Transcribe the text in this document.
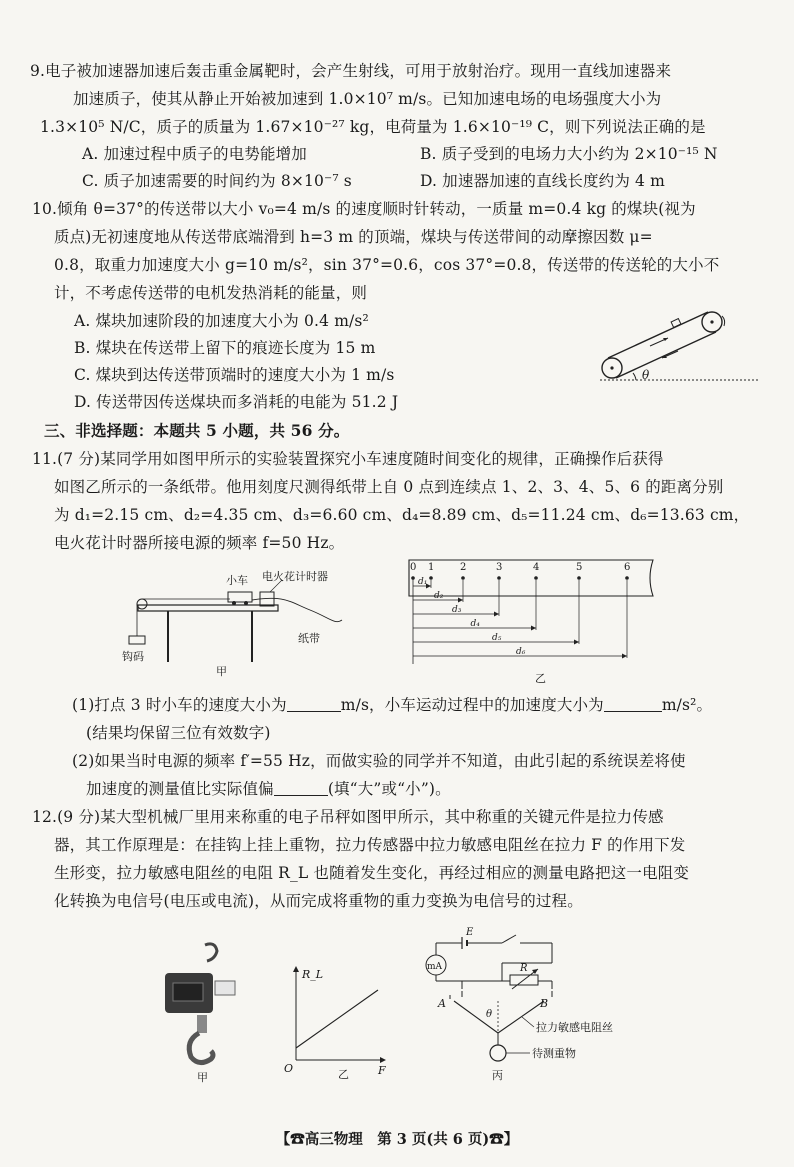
9.电子被加速器加速后轰击重金属靶时，会产生射线，可用于放射治疗。现用一直线加速器来
加速质子，使其从静止开始被加速到 1.0×10⁷ m/s。已知加速电场的电场强度大小为
1.3×10⁵ N/C，质子的质量为 1.67×10⁻²⁷ kg，电荷量为 1.6×10⁻¹⁹ C，则下列说法正确的是
A. 加速过程中质子的电势能增加	B. 质子受到的电场力大小约为 2×10⁻¹⁵ N
C. 质子加速需要的时间约为 8×10⁻⁷ s	D. 加速器加速的直线长度约为 4 m
10.倾角 θ=37°的传送带以大小 v₀=4 m/s 的速度顺时针转动，一质量 m=0.4 kg 的煤块(视为
质点)无初速度地从传送带底端滑到 h=3 m 的顶端，煤块与传送带间的动摩擦因数 μ=
0.8，取重力加速度大小 g=10 m/s²，sin 37°=0.6，cos 37°=0.8，传送带的传送轮的大小不
计，不考虑传送带的电机发热消耗的能量，则
A. 煤块加速阶段的加速度大小为 0.4 m/s²
B. 煤块在传送带上留下的痕迹长度为 15 m
C. 煤块到达传送带顶端时的速度大小为 1 m/s
D. 传送带因传送煤块而多消耗的电能为 51.2 J
θ
三、非选择题：本题共 5 小题，共 56 分。
11.(7 分)某同学用如图甲所示的实验装置探究小车速度随时间变化的规律，正确操作后获得
如图乙所示的一条纸带。他用刻度尺测得纸带上自 0 点到连续点 1、2、3、4、5、6 的距离分别
为 d₁=2.15 cm、d₂=4.35 cm、d₃=6.60 cm、d₄=8.89 cm、d₅=11.24 cm、d₆=13.63 cm，
电火花计时器所接电源的频率 f=50 Hz。
小车 电火花计时器
纸带
钩码
甲
0 1	2	3	4	5	6
d₁
d₂
d₃
d₄
d₅
d₆
乙
(1)打点 3 时小车的速度大小为	m/s，小车运动过程中的加速度大小为	m/s²。
(结果均保留三位有效数字)
(2)如果当时电源的频率 f′=55 Hz，而做实验的同学并不知道，由此引起的系统误差将使
加速度的测量值比实际值偏	(填“大”或“小”)。
12.(9 分)某大型机械厂里用来称重的电子吊秤如图甲所示，其中称重的关键元件是拉力传感
器，其工作原理是：在挂钩上挂上重物，拉力传感器中拉力敏感电阻丝在拉力 F 的作用下发
生形变，拉力敏感电阻丝的电阻 R_L 也随着发生变化，再经过相应的测量电路把这一电阻变
化转换为电信号(电压或电流)，从而完成将重物的重力变换为电信号的过程。
甲
R_L
O	F
乙
mA
E
R
A	B
θ
拉力敏感电阻丝
待测重物
丙
【☎高三物理　第 3 页(共 6 页)☎】
